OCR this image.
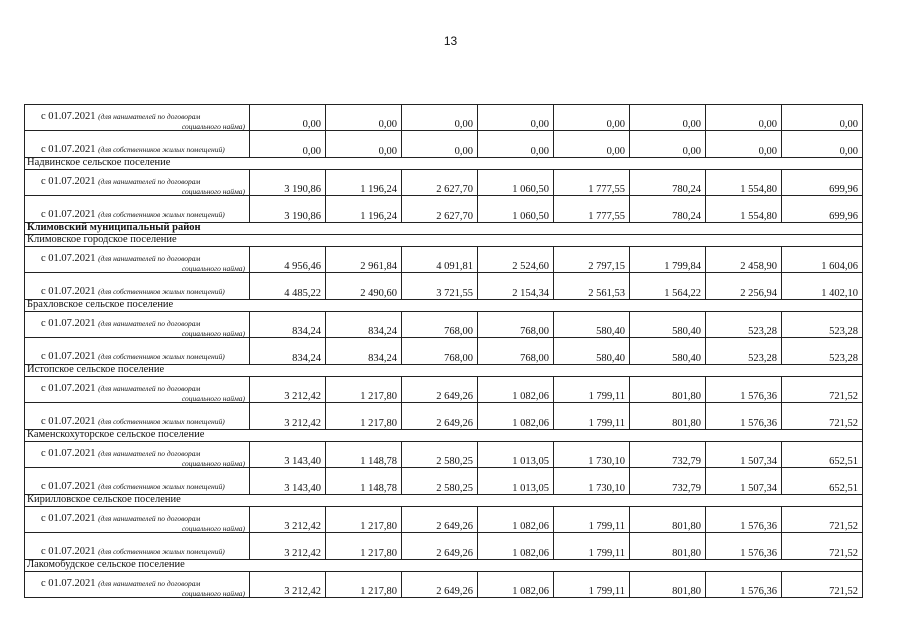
13
с 01.07.2021 (для нанимателей по договорам
социального найма)	0,00	0,00	0,00	0,00	0,00	0,00	0,00	0,00

с 01.07.2021 (для собственников жилых помещений)	0,00	0,00	0,00	0,00	0,00	0,00	0,00	0,00
Надвинское сельское поселение								

с 01.07.2021 (для нанимателей по договорам
социального найма)	3 190,86	1 196,24	2 627,70	1 060,50	1 777,55	780,24	1 554,80	699,96

с 01.07.2021 (для собственников жилых помещений)	3 190,86	1 196,24	2 627,70	1 060,50	1 777,55	780,24	1 554,80	699,96
Климовский муниципальный район								
Климовское городское поселение								

с 01.07.2021 (для нанимателей по договорам
социального найма)	4 956,46	2 961,84	4 091,81	2 524,60	2 797,15	1 799,84	2 458,90	1 604,06

с 01.07.2021 (для собственников жилых помещений)	4 485,22	2 490,60	3 721,55	2 154,34	2 561,53	1 564,22	2 256,94	1 402,10
Брахловское сельское поселение								

с 01.07.2021 (для нанимателей по договорам
социального найма)	834,24	834,24	768,00	768,00	580,40	580,40	523,28	523,28

с 01.07.2021 (для собственников жилых помещений)	834,24	834,24	768,00	768,00	580,40	580,40	523,28	523,28
Истопское сельское поселение								

с 01.07.2021 (для нанимателей по договорам
социального найма)	3 212,42	1 217,80	2 649,26	1 082,06	1 799,11	801,80	1 576,36	721,52

с 01.07.2021 (для собственников жилых помещений)	3 212,42	1 217,80	2 649,26	1 082,06	1 799,11	801,80	1 576,36	721,52
Каменскохуторское сельское поселение								

с 01.07.2021 (для нанимателей по договорам
социального найма)	3 143,40	1 148,78	2 580,25	1 013,05	1 730,10	732,79	1 507,34	652,51

с 01.07.2021 (для собственников жилых помещений)	3 143,40	1 148,78	2 580,25	1 013,05	1 730,10	732,79	1 507,34	652,51
Кирилловское сельское поселение								

с 01.07.2021 (для нанимателей по договорам
социального найма)	3 212,42	1 217,80	2 649,26	1 082,06	1 799,11	801,80	1 576,36	721,52

с 01.07.2021 (для собственников жилых помещений)	3 212,42	1 217,80	2 649,26	1 082,06	1 799,11	801,80	1 576,36	721,52
Лакомобудское сельское поселение								

с 01.07.2021 (для нанимателей по договорам
социального найма)	3 212,42	1 217,80	2 649,26	1 082,06	1 799,11	801,80	1 576,36	721,52
